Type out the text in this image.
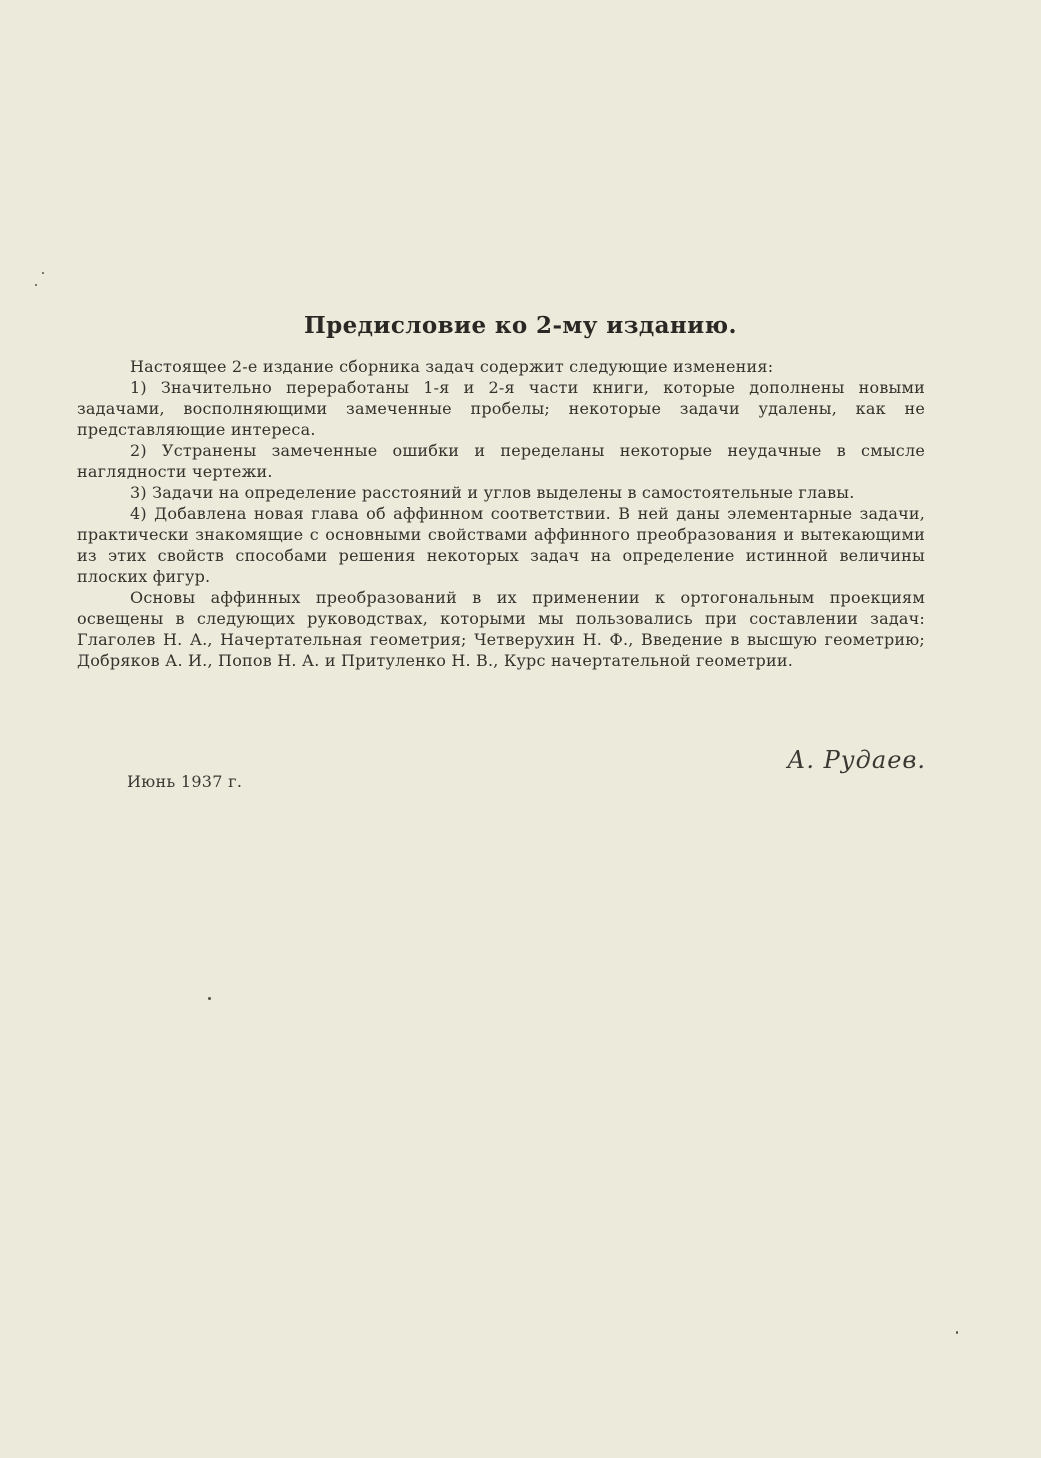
Предисловие ко 2-му изданию.

Настоящее 2-е издание сборника задач содержит следующие изменения:

1) Значительно переработаны 1-я и 2-я части книги, которые дополнены новыми задачами, восполняющими замеченные пробелы; некоторые задачи удалены, как не представляющие интереса.

2) Устранены замеченные ошибки и переделаны некоторые неудачные в смысле наглядности чертежи.

3) Задачи на определение расстояний и углов выделены в самостоятельные главы.

4) Добавлена новая глава об аффинном соответствии. В ней даны элементарные задачи, практически знакомящие с основными свойствами аффинного преобразования и вытекающими из этих свойств способами решения некоторых задач на определение истинной величины плоских фигур.

Основы аффинных преобразований в их применении к ортогональным проекциям освещены в следующих руководствах, которыми мы пользовались при составлении задач: Глаголев Н. А., Начертательная геометрия; Четверухин Н. Ф., Введение в высшую геометрию; Добряков А. И., Попов Н. А. и Притуленко Н. В., Курс начертательной геометрии.

А. Рудаев.
Июнь 1937 г.
